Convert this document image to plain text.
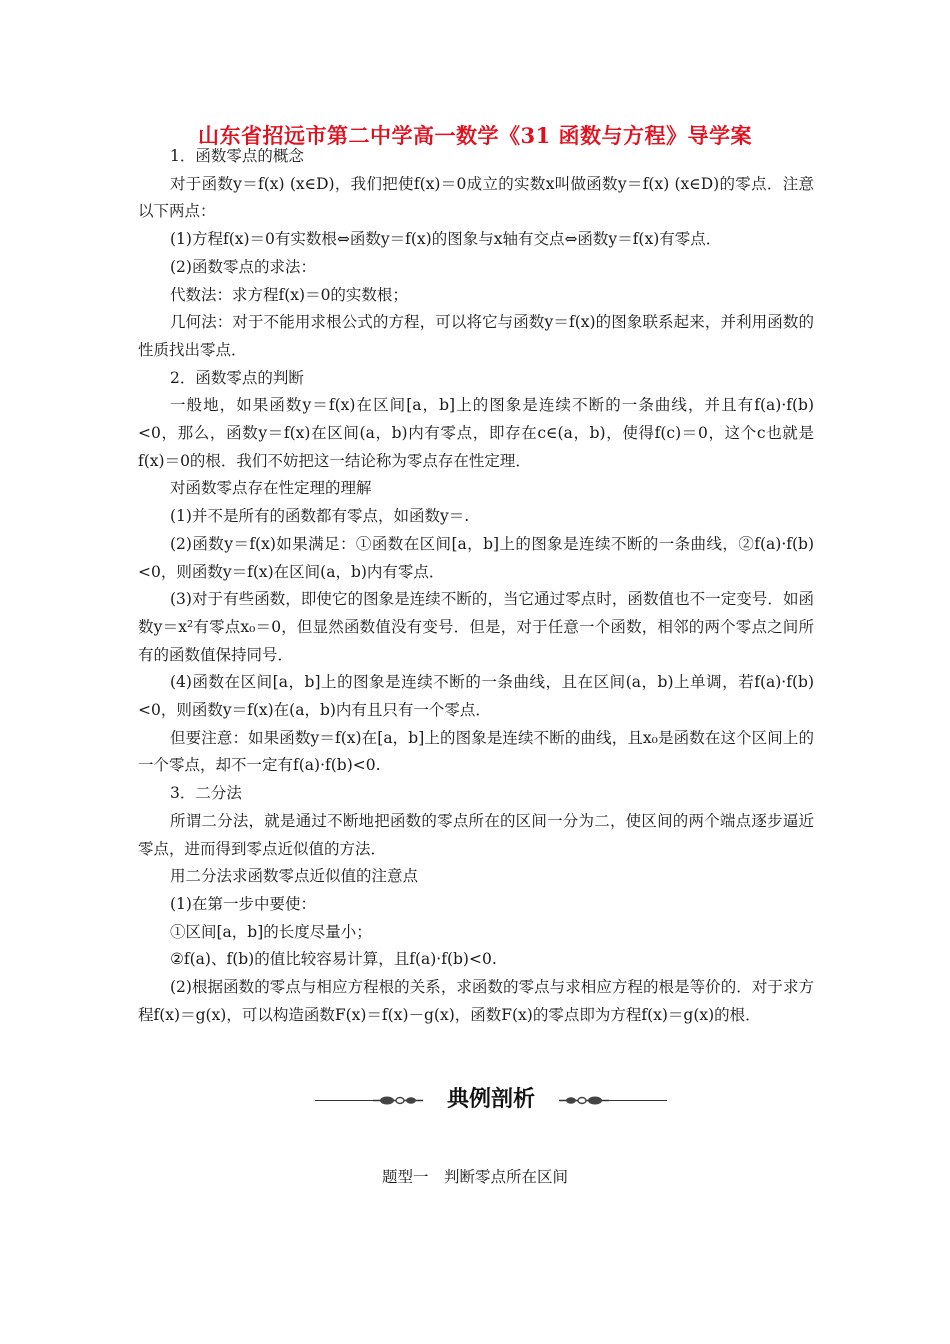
山东省招远市第二中学高一数学《31 函数与方程》导学案

1．函数零点的概念

对于函数y＝f(x) (x∈D)，我们把使f(x)＝0成立的实数x叫做函数y＝f(x) (x∈D)的零点．注意以下两点：

(1)方程f(x)＝0有实数根⇔函数y＝f(x)的图象与x轴有交点⇔函数y＝f(x)有零点．

(2)函数零点的求法：

代数法：求方程f(x)＝0的实数根；

几何法：对于不能用求根公式的方程，可以将它与函数y＝f(x)的图象联系起来，并利用函数的性质找出零点．

2．函数零点的判断

一般地，如果函数y＝f(x)在区间[a，b]上的图象是连续不断的一条曲线，并且有f(a)·f(b)<0，那么，函数y＝f(x)在区间(a，b)内有零点，即存在c∈(a，b)，使得f(c)＝0，这个c也就是f(x)＝0的根．我们不妨把这一结论称为零点存在性定理．

对函数零点存在性定理的理解

(1)并不是所有的函数都有零点，如函数y＝.

(2)函数y＝f(x)如果满足：①函数在区间[a，b]上的图象是连续不断的一条曲线，②f(a)·f(b)<0，则函数y＝f(x)在区间(a，b)内有零点．

(3)对于有些函数，即使它的图象是连续不断的，当它通过零点时，函数值也不一定变号．如函数y＝x²有零点x₀＝0，但显然函数值没有变号．但是，对于任意一个函数，相邻的两个零点之间所有的函数值保持同号．

(4)函数在区间[a，b]上的图象是连续不断的一条曲线，且在区间(a，b)上单调，若f(a)·f(b)<0，则函数y＝f(x)在(a，b)内有且只有一个零点．

但要注意：如果函数y＝f(x)在[a，b]上的图象是连续不断的曲线，且x₀是函数在这个区间上的一个零点，却不一定有f(a)·f(b)<0.

3．二分法

所谓二分法，就是通过不断地把函数的零点所在的区间一分为二，使区间的两个端点逐步逼近零点，进而得到零点近似值的方法．

用二分法求函数零点近似值的注意点

(1)在第一步中要使：

①区间[a，b]的长度尽量小；

②f(a)、f(b)的值比较容易计算，且f(a)·f(b)<0.

(2)根据函数的零点与相应方程根的关系，求函数的零点与求相应方程的根是等价的．对于求方程f(x)＝g(x)，可以构造函数F(x)＝f(x)－g(x)，函数F(x)的零点即为方程f(x)＝g(x)的根．

典例剖析
题型一　判断零点所在区间
